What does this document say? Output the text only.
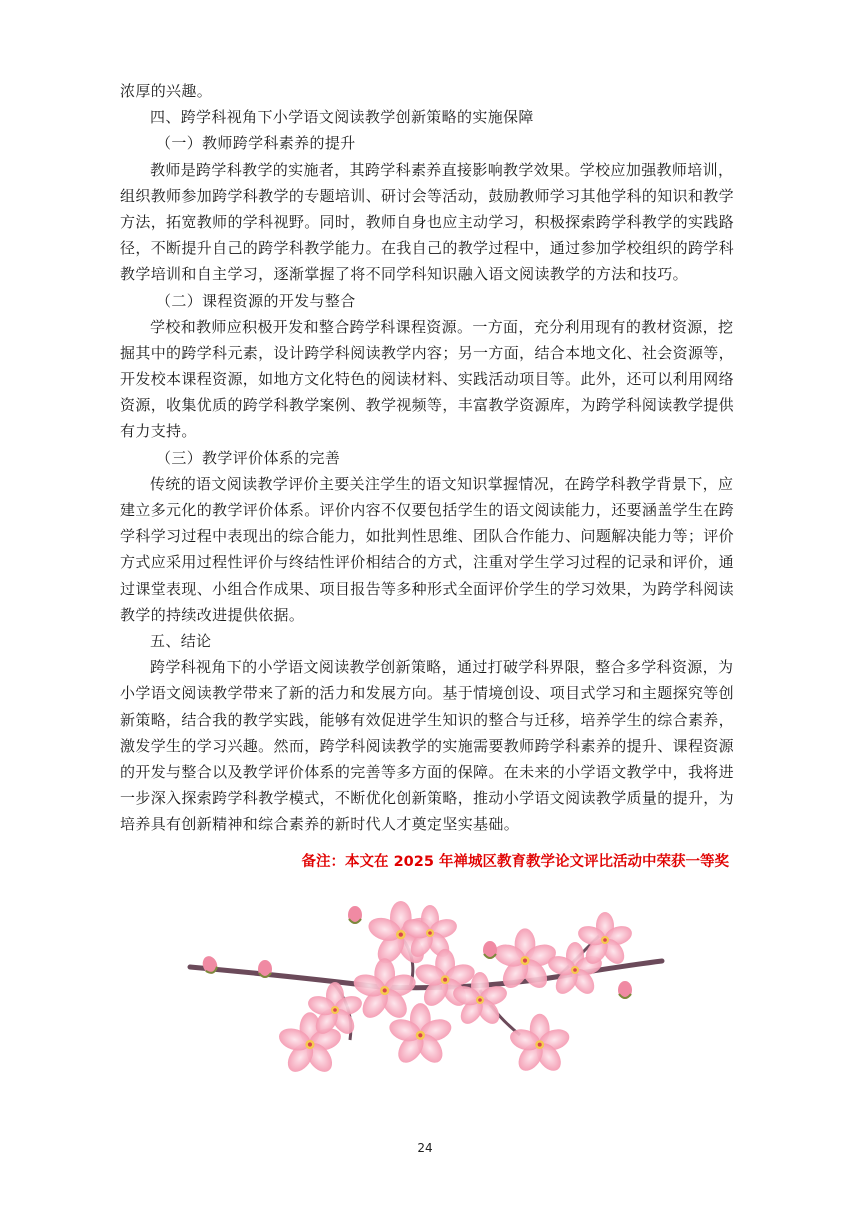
浓厚的兴趣。
四、跨学科视角下小学语文阅读教学创新策略的实施保障
（一）教师跨学科素养的提升
教师是跨学科教学的实施者，其跨学科素养直接影响教学效果。学校应加强教师培训，
组织教师参加跨学科教学的专题培训、研讨会等活动，鼓励教师学习其他学科的知识和教学
方法，拓宽教师的学科视野。同时，教师自身也应主动学习，积极探索跨学科教学的实践路
径，不断提升自己的跨学科教学能力。在我自己的教学过程中，通过参加学校组织的跨学科
教学培训和自主学习，逐渐掌握了将不同学科知识融入语文阅读教学的方法和技巧。
（二）课程资源的开发与整合
学校和教师应积极开发和整合跨学科课程资源。一方面，充分利用现有的教材资源，挖
掘其中的跨学科元素，设计跨学科阅读教学内容；另一方面，结合本地文化、社会资源等，
开发校本课程资源，如地方文化特色的阅读材料、实践活动项目等。此外，还可以利用网络
资源，收集优质的跨学科教学案例、教学视频等，丰富教学资源库，为跨学科阅读教学提供
有力支持。
（三）教学评价体系的完善
传统的语文阅读教学评价主要关注学生的语文知识掌握情况，在跨学科教学背景下，应
建立多元化的教学评价体系。评价内容不仅要包括学生的语文阅读能力，还要涵盖学生在跨
学科学习过程中表现出的综合能力，如批判性思维、团队合作能力、问题解决能力等；评价
方式应采用过程性评价与终结性评价相结合的方式，注重对学生学习过程的记录和评价，通
过课堂表现、小组合作成果、项目报告等多种形式全面评价学生的学习效果，为跨学科阅读
教学的持续改进提供依据。
五、结论
跨学科视角下的小学语文阅读教学创新策略，通过打破学科界限，整合多学科资源，为
小学语文阅读教学带来了新的活力和发展方向。基于情境创设、项目式学习和主题探究等创
新策略，结合我的教学实践，能够有效促进学生知识的整合与迁移，培养学生的综合素养，
激发学生的学习兴趣。然而，跨学科阅读教学的实施需要教师跨学科素养的提升、课程资源
的开发与整合以及教学评价体系的完善等多方面的保障。在未来的小学语文教学中，我将进
一步深入探索跨学科教学模式，不断优化创新策略，推动小学语文阅读教学质量的提升，为
培养具有创新精神和综合素养的新时代人才奠定坚实基础。
备注：本文在 2025 年禅城区教育教学论文评比活动中荣获一等奖
24
